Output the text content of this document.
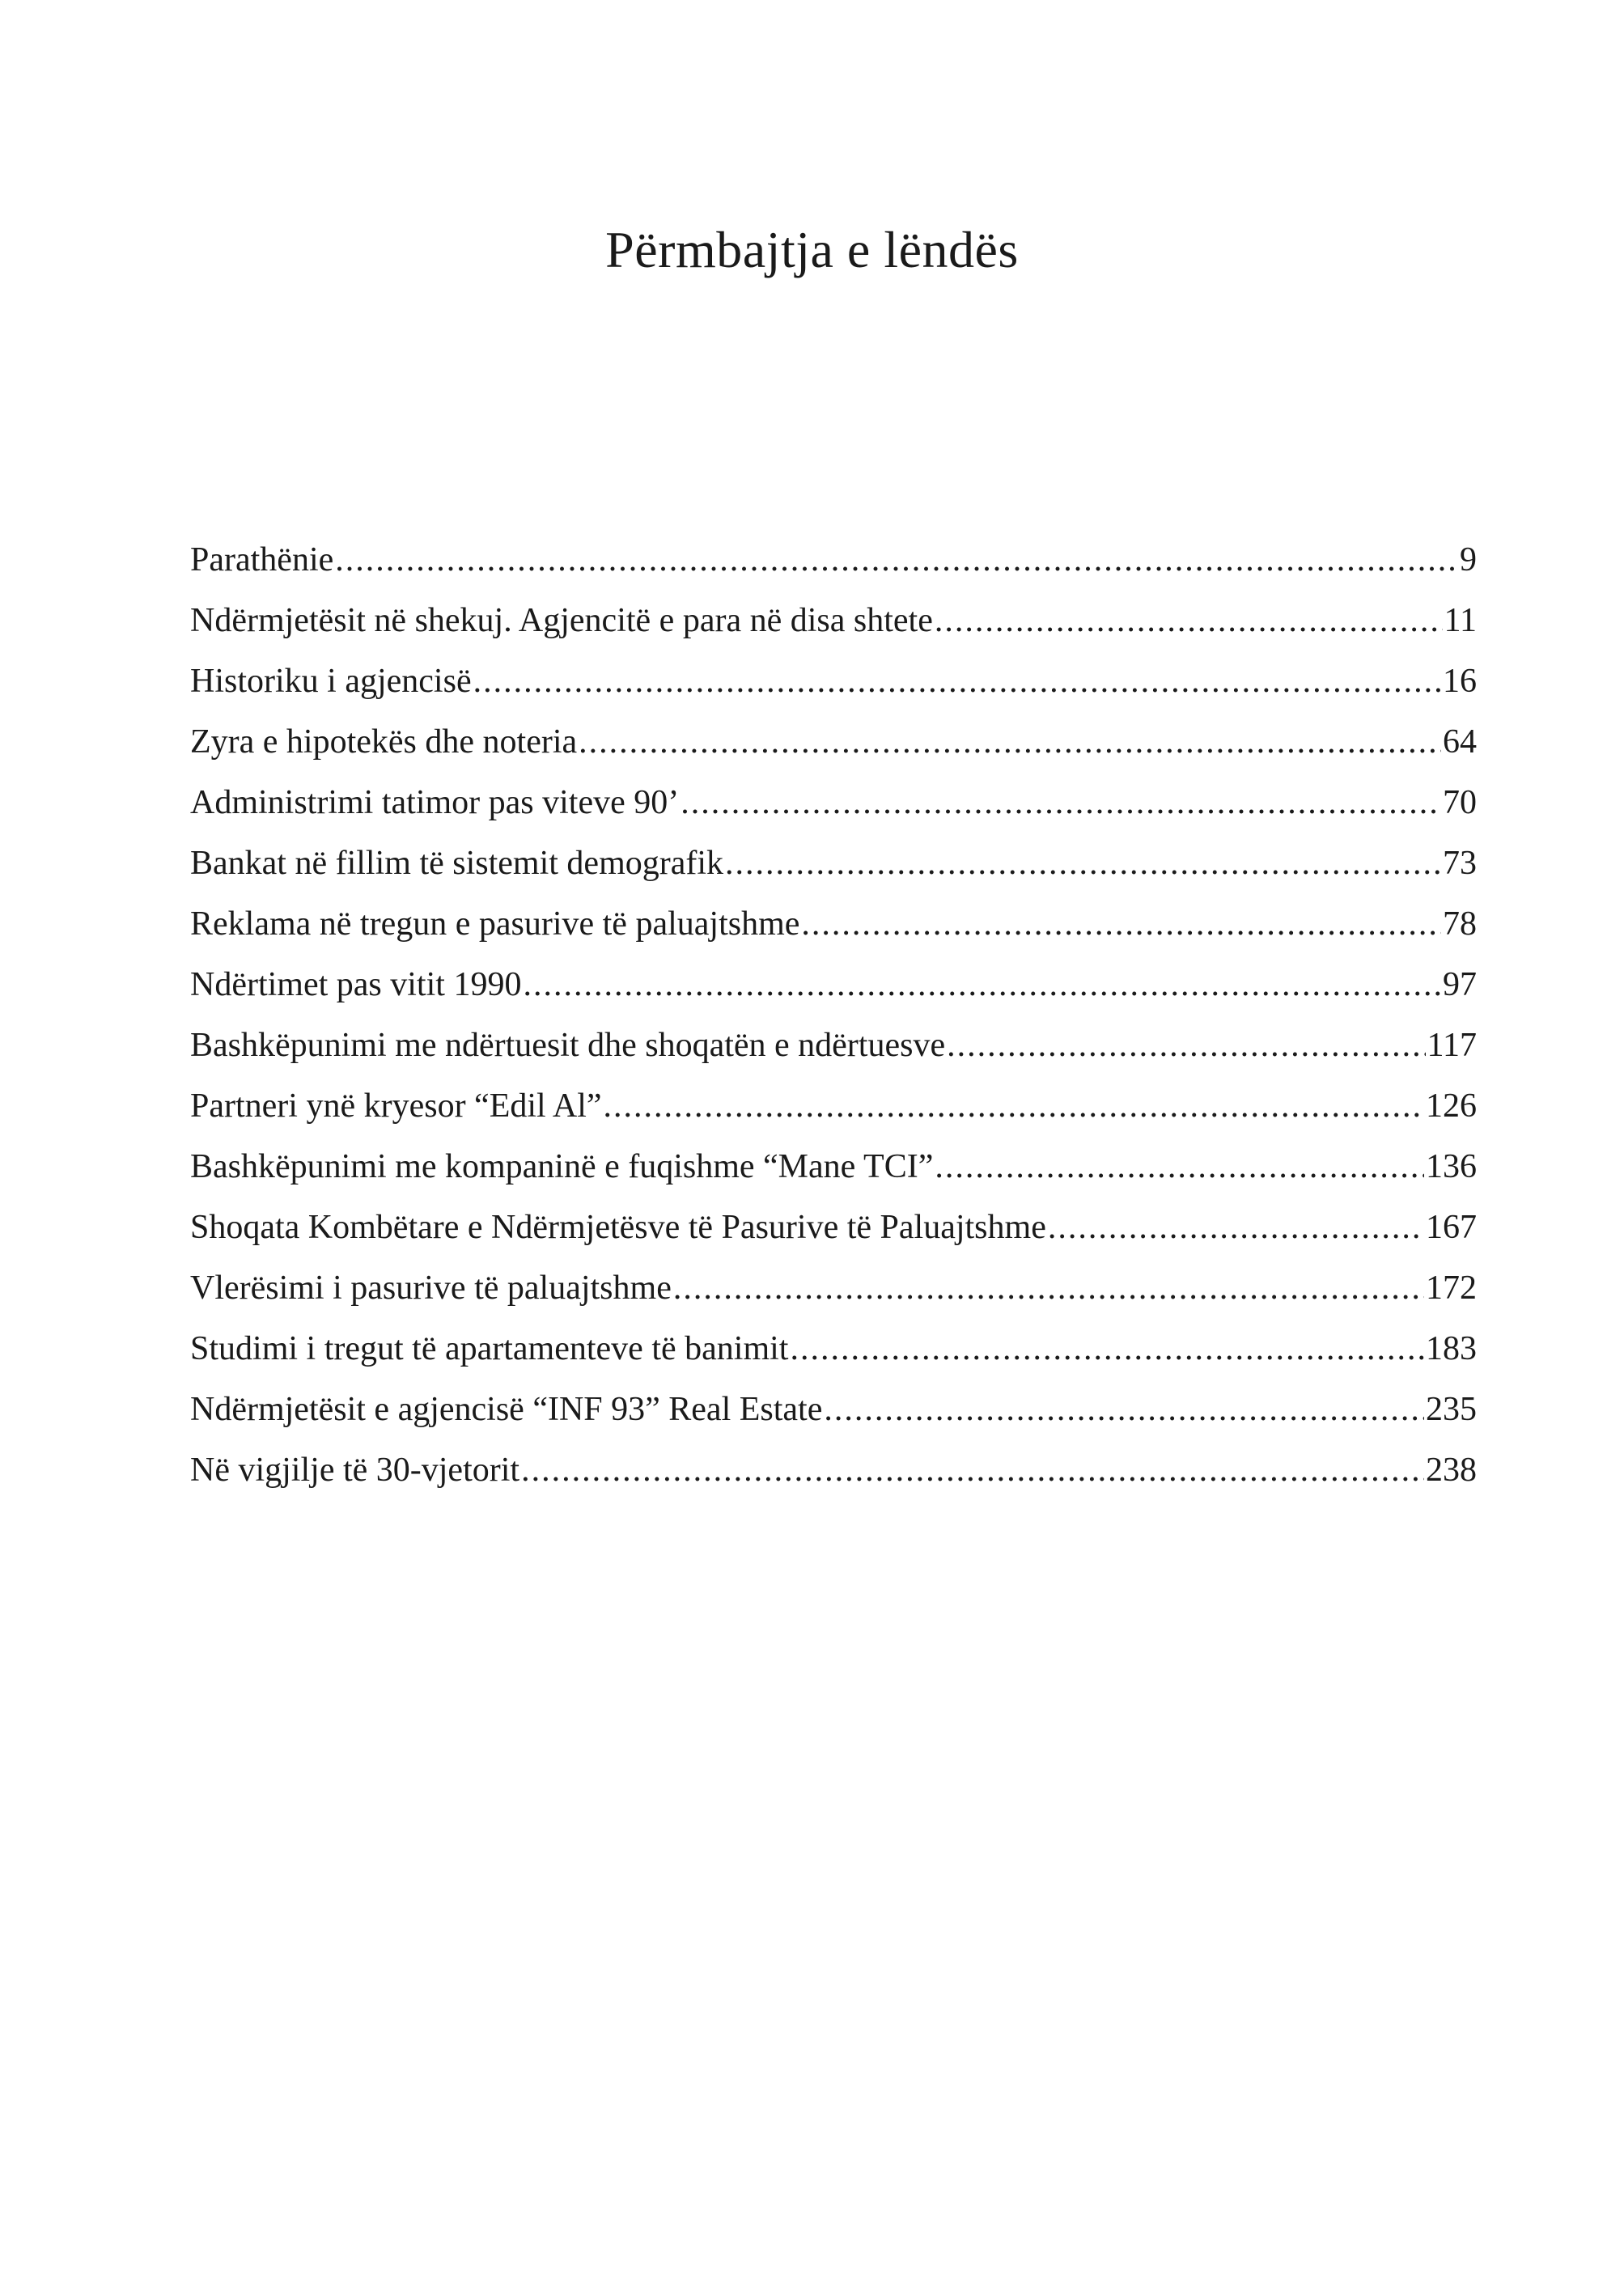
Përmbajtja e lëndës
Parathënie .....	9
Ndërmjetësit në shekuj. Agjencitë e para në disa shtete .....	11
Historiku i agjencisë .....	16
Zyra e hipotekës dhe noteria .....	64
Administrimi tatimor pas viteve 90’ .....	70
Bankat në fillim të sistemit demografik .....	73
Reklama në tregun e pasurive të paluajtshme .....	78
Ndërtimet pas vitit 1990 .....	97
Bashkëpunimi me ndërtuesit dhe shoqatën e ndërtuesve .....	117
Partneri ynë kryesor “Edil Al” .....	126
Bashkëpunimi me kompaninë e fuqishme “Mane TCI” .....	136
Shoqata Kombëtare e Ndërmjetësve të Pasurive të Paluajtshme .....	167
Vlerësimi i pasurive të paluajtshme .....	172
Studimi i tregut të apartamenteve të banimit .....	183
Ndërmjetësit e agjencisë “INF 93” Real Estate .....	235
Në vigjilje të 30-vjetorit .....	238
